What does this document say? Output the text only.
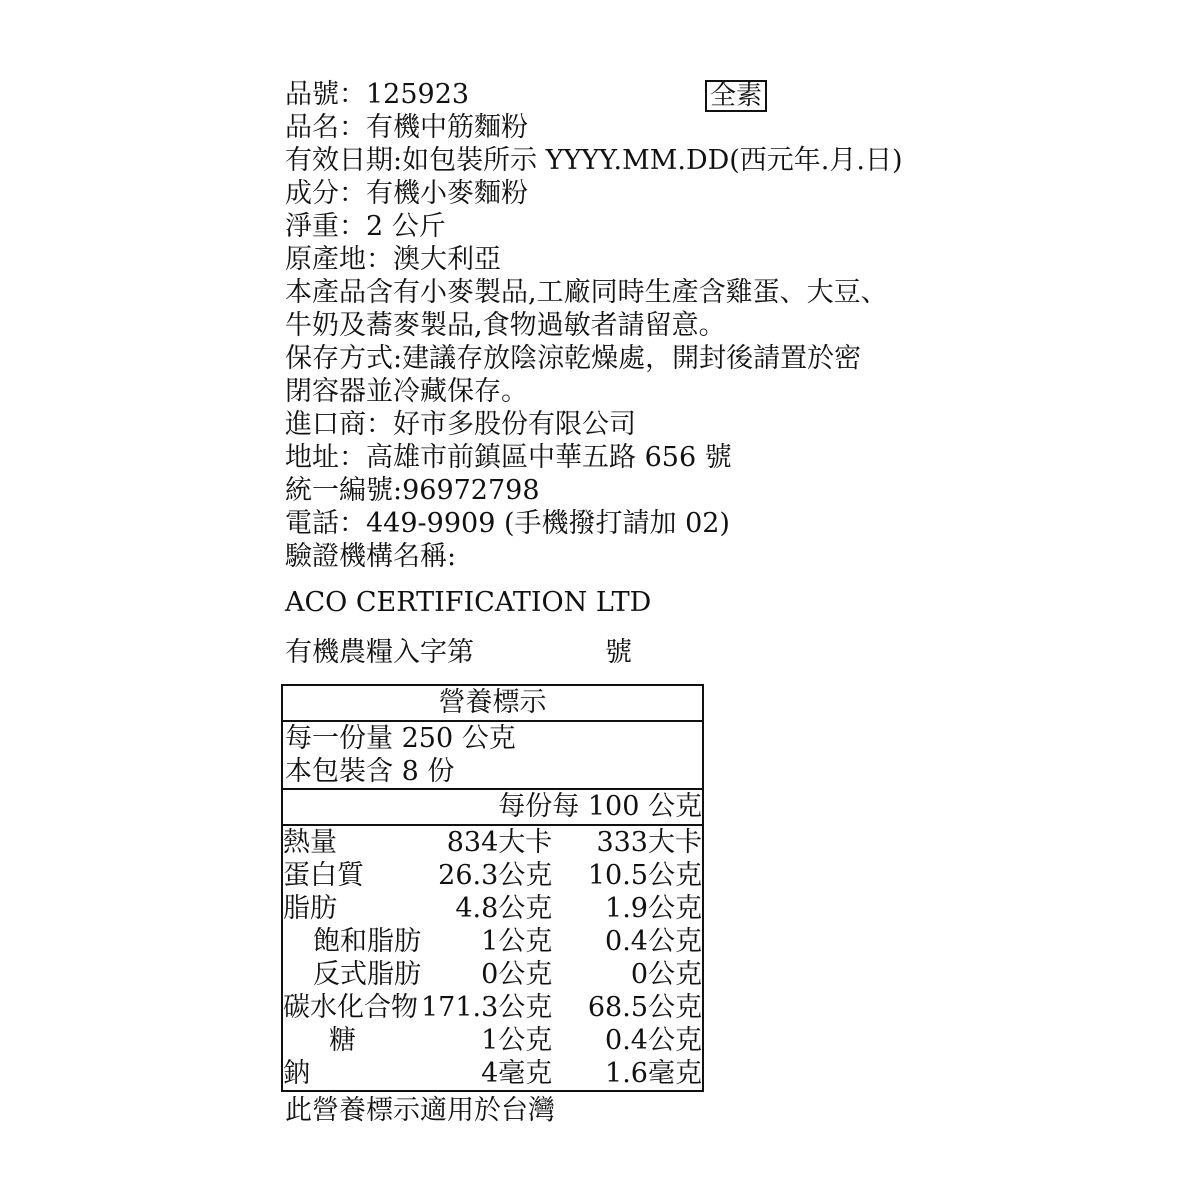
品號：125923	全素
品名：有機中筋麵粉
有效日期:如包裝所示 YYYY.MM.DD(西元年.月.日)
成分：有機小麥麵粉
淨重：2 公斤
原產地：澳大利亞
本產品含有小麥製品,工廠同時生產含雞蛋、大豆、
牛奶及蕎麥製品,食物過敏者請留意。
保存方式:建議存放陰涼乾燥處，開封後請置於密
閉容器並冷藏保存。
進口商：好市多股份有限公司
地址：高雄市前鎮區中華五路 656 號
統一編號:96972798
電話：449-9909 (手機撥打請加 02)
驗證機構名稱:
ACO CERTIFICATION LTD
有機農糧入字第	號
營養標示		

每一份量 250 公克
本包裝含 8 份		

	每份	每 100 公克
熱量	834大卡	333大卡
蛋白質	26.3公克	10.5公克
脂肪	4.8公克	1.9公克
飽和脂肪	1公克	0.4公克
反式脂肪	0公克	0公克
碳水化合物	171.3公克	68.5公克
糖	1公克	0.4公克
鈉	4毫克	1.6毫克
此營養標示適用於台灣
